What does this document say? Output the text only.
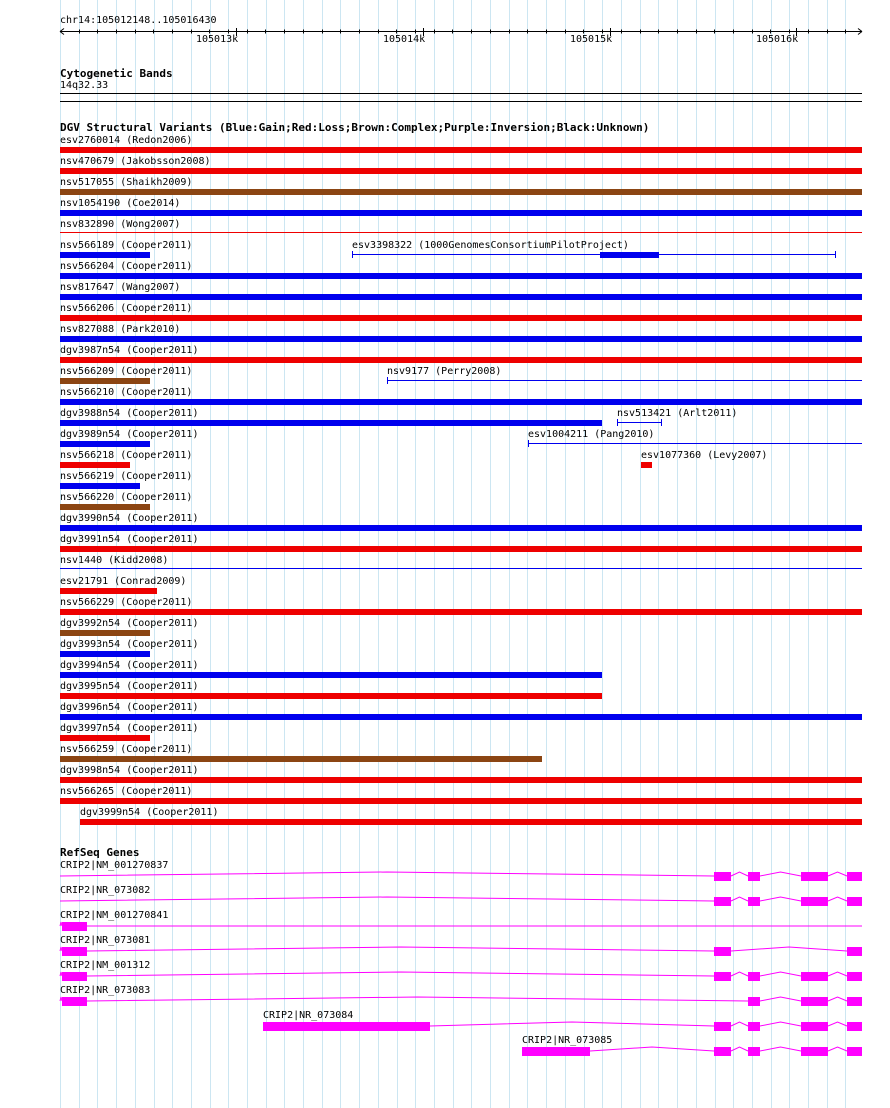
chr14:105012148..105016430
105013k	105014k	105015k	105016k
Cytogenetic Bands
14q32.33
DGV Structural Variants (Blue:Gain;Red:Loss;Brown:Complex;Purple:Inversion;Black:Unknown)
esv2760014 (Redon2006)
nsv470679 (Jakobsson2008)
nsv517055 (Shaikh2009)
nsv1054190 (Coe2014)
nsv832890 (Wong2007)
nsv566189 (Cooper2011)	esv3398322 (1000GenomesConsortiumPilotProject)
nsv566204 (Cooper2011)
nsv817647 (Wang2007)
nsv566206 (Cooper2011)
nsv827088 (Park2010)
dgv3987n54 (Cooper2011)
nsv566209 (Cooper2011)	nsv9177 (Perry2008)
nsv566210 (Cooper2011)
dgv3988n54 (Cooper2011)	nsv513421 (Arlt2011)
dgv3989n54 (Cooper2011)	esv1004211 (Pang2010)
nsv566218 (Cooper2011)	esv1077360 (Levy2007)
nsv566219 (Cooper2011)
nsv566220 (Cooper2011)
dgv3990n54 (Cooper2011)
dgv3991n54 (Cooper2011)
nsv1440 (Kidd2008)
esv21791 (Conrad2009)
nsv566229 (Cooper2011)
dgv3992n54 (Cooper2011)
dgv3993n54 (Cooper2011)
dgv3994n54 (Cooper2011)
dgv3995n54 (Cooper2011)
dgv3996n54 (Cooper2011)
dgv3997n54 (Cooper2011)
nsv566259 (Cooper2011)
dgv3998n54 (Cooper2011)
nsv566265 (Cooper2011)
dgv3999n54 (Cooper2011)
RefSeq Genes
CRIP2|NM_001270837
CRIP2|NR_073082
CRIP2|NM_001270841
CRIP2|NR_073081
CRIP2|NM_001312
CRIP2|NR_073083
CRIP2|NR_073084
CRIP2|NR_073085
